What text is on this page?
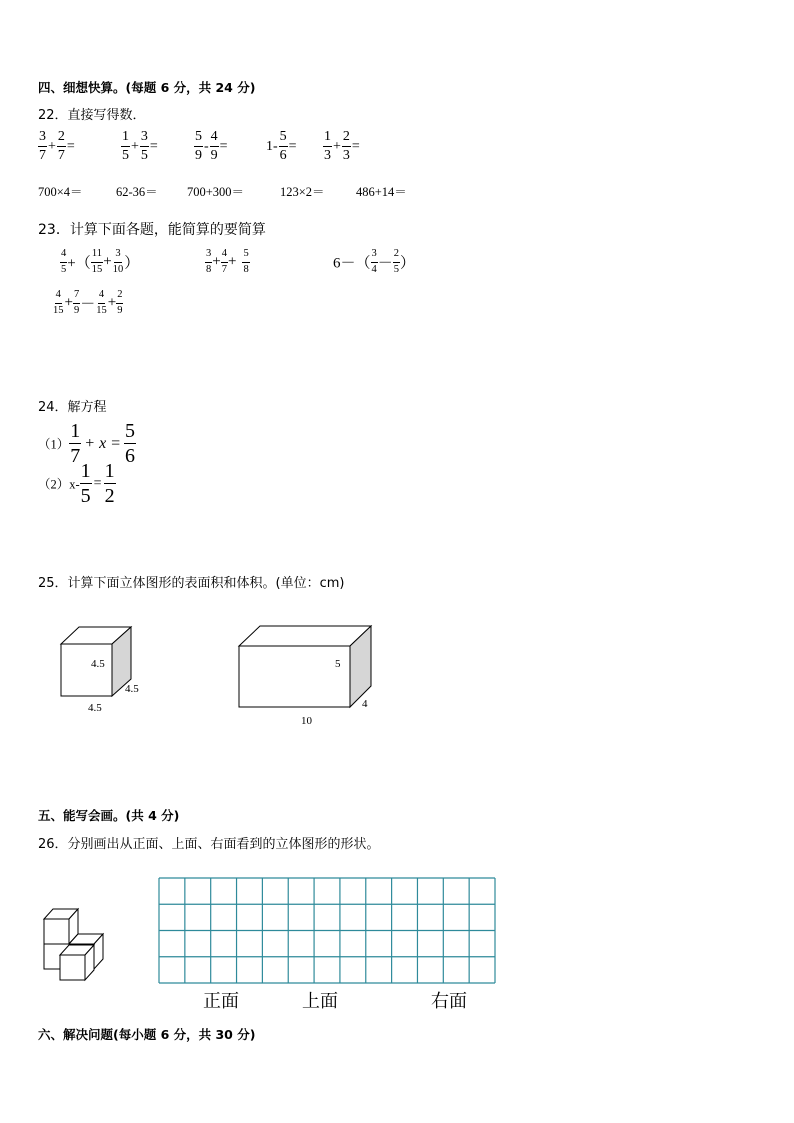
四、细想快算。(每题 6 分，共 24 分)
22．直接写得数．
$\frac{3}{7} + \frac{2}{7}$ =	$\frac{1}{5} + \frac{3}{5}$ =	$\frac{5}{9} - \frac{4}{9}$ =	$1- \frac{5}{6} = \frac{1}{3} + \frac{2}{3}$ =
700×4＝	62-36＝ 700+300＝	123×2＝	486+14＝
23．计算下面各题，能简算的要简算
$\frac{4}{5}$ +（ $\frac{11}{15} + \frac{3}{10}$ ）	$\frac{3}{8} + \frac{4}{7} + \frac{5}{8}$	$6-( \frac{3}{4} - \frac{2}{5}$ ）
$\frac{4}{15} + \frac{7}{9} - \frac{4}{15} + \frac{2}{9}$
24．解方程
$(1) \frac{1}{7} + x = \frac{5}{6}$
$(2)x- \frac{1}{5} = \frac{1}{2}$
25．计算下面立体图形的表面积和体积。(单位：cm)
4.5
4.5
4.5
5
4
10
五、能写会画。(共 4 分)
26．分别画出从正面、上面、右面看到的立体图形的形状。
正面	上面	右面
六、解决问题(每小题 6 分，共 30 分)
